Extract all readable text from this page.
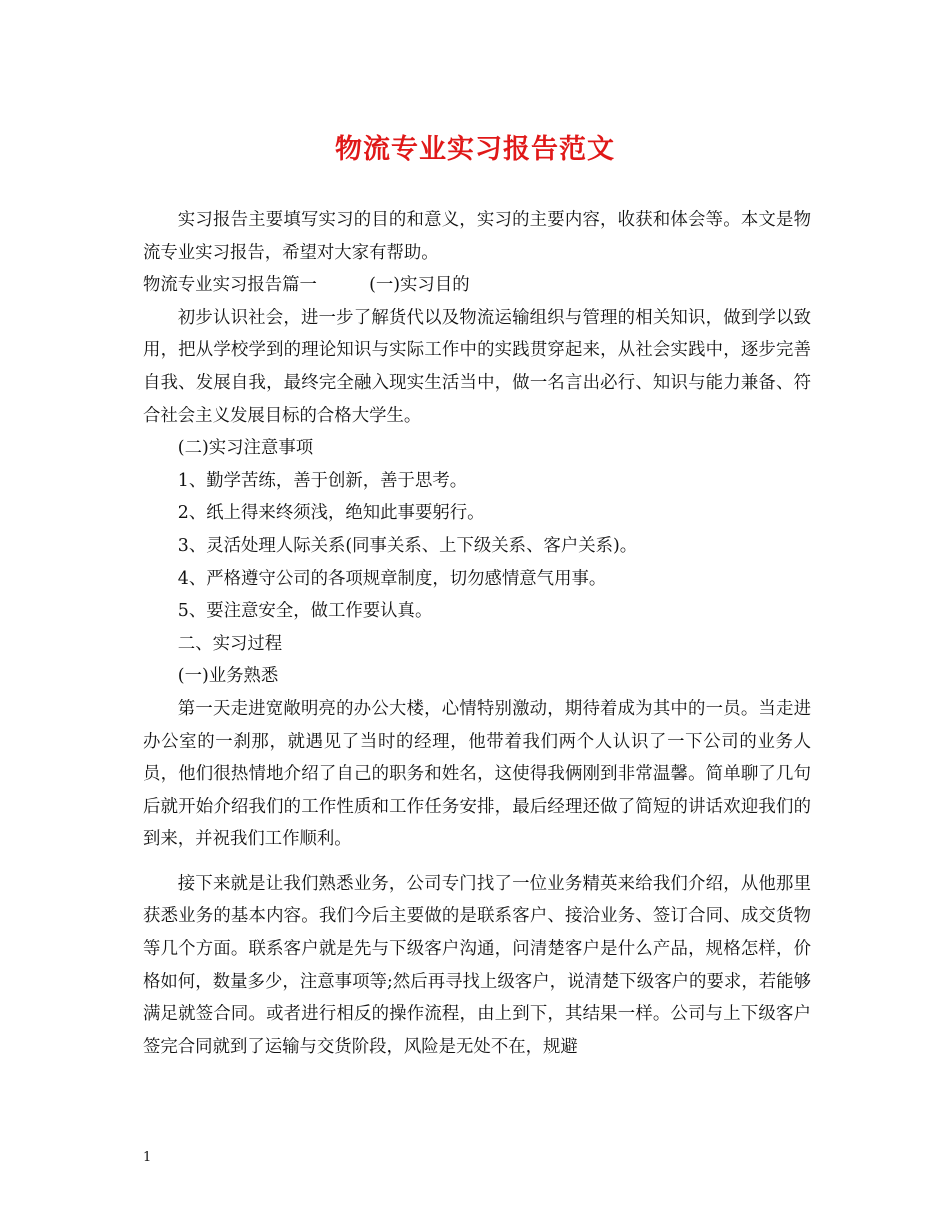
物流专业实习报告范文

实习报告主要填写实习的目的和意义，实习的主要内容，收获和体会等。本文是物流专业实习报告，希望对大家有帮助。

物流专业实习报告篇一　　　(一)实习目的

初步认识社会，进一步了解货代以及物流运输组织与管理的相关知识，做到学以致用，把从学校学到的理论知识与实际工作中的实践贯穿起来，从社会实践中，逐步完善自我、发展自我，最终完全融入现实生活当中，做一名言出必行、知识与能力兼备、符合社会主义发展目标的合格大学生。

(二)实习注意事项

1、勤学苦练，善于创新，善于思考。

2、纸上得来终须浅，绝知此事要躬行。

3、灵活处理人际关系(同事关系、上下级关系、客户关系)。

4、严格遵守公司的各项规章制度，切勿感情意气用事。

5、要注意安全，做工作要认真。

二、实习过程

(一)业务熟悉

第一天走进宽敞明亮的办公大楼，心情特别激动，期待着成为其中的一员。当走进办公室的一刹那，就遇见了当时的经理，他带着我们两个人认识了一下公司的业务人员，他们很热情地介绍了自己的职务和姓名，这使得我俩刚到非常温馨。简单聊了几句后就开始介绍我们的工作性质和工作任务安排，最后经理还做了简短的讲话欢迎我们的到来，并祝我们工作顺利。

接下来就是让我们熟悉业务，公司专门找了一位业务精英来给我们介绍，从他那里获悉业务的基本内容。我们今后主要做的是联系客户、接洽业务、签订合同、成交货物等几个方面。联系客户就是先与下级客户沟通，问清楚客户是什么产品，规格怎样，价格如何，数量多少，注意事项等;然后再寻找上级客户，说清楚下级客户的要求，若能够满足就签合同。或者进行相反的操作流程，由上到下，其结果一样。公司与上下级客户签完合同就到了运输与交货阶段，风险是无处不在，规避

1
